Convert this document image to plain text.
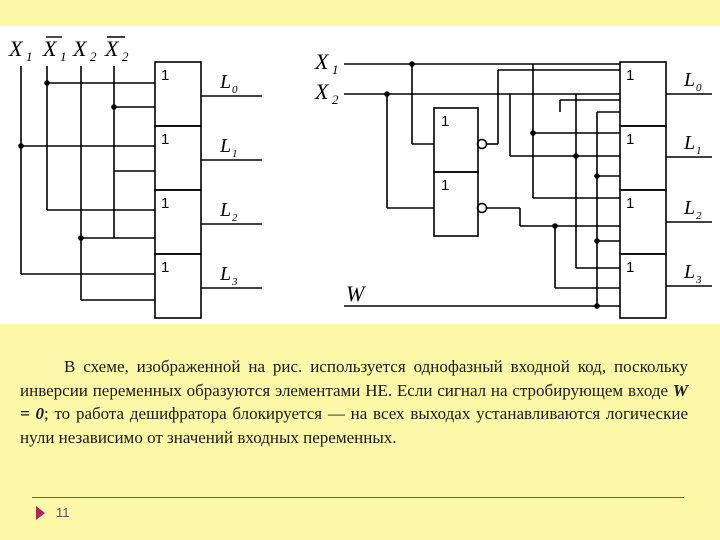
X 1 X 1 X 2 X 2
1
1
1
1
L 0
L 1
L 2
L 3
X 1
X 2
W
1
1
1
1
1
1
L 0
L 1
L 2
L 3

В схеме, изображенной на рис. используется однофазный входной код, поскольку инверсии переменных образуются элементами НЕ. Если сигнал на стробирующем входе W = 0; то работа дешифратора блокируется — на всех выходах устанавливаются логические нули независимо от значений входных переменных.

11
